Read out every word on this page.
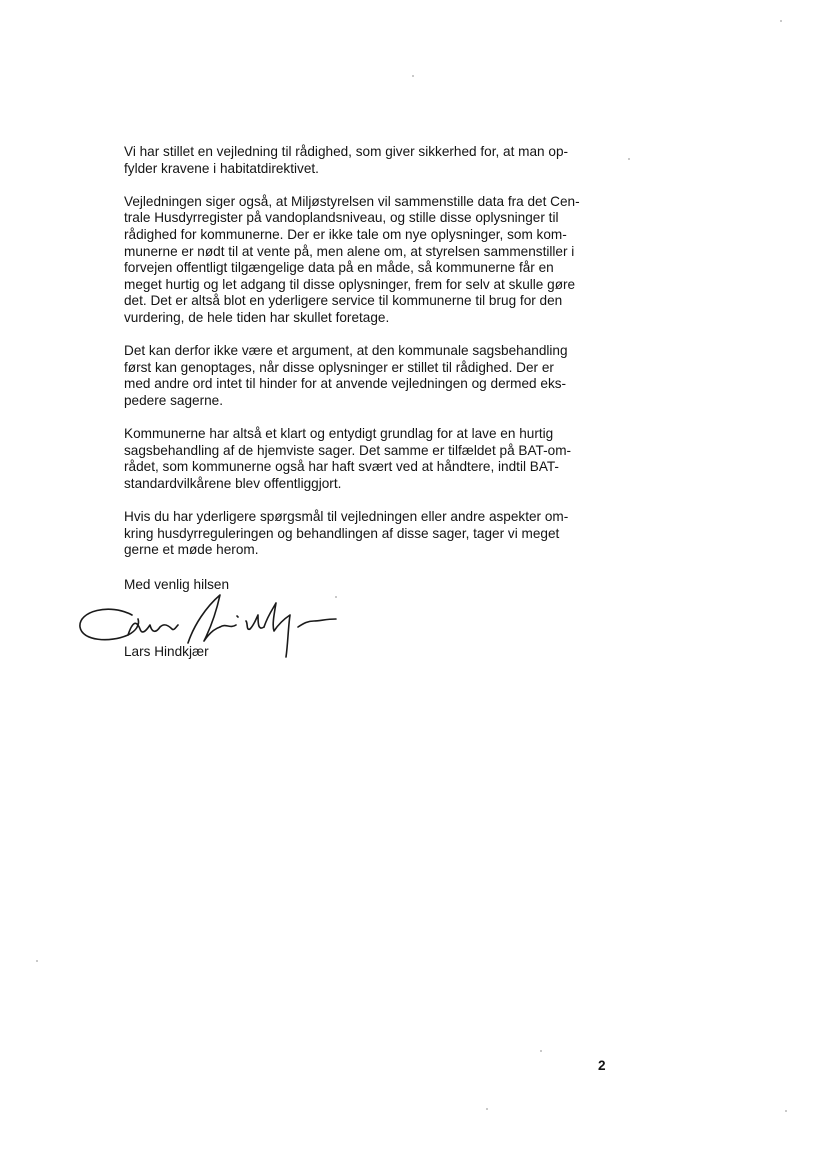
Vi har stillet en vejledning til rådighed, som giver sikkerhed for, at man op-
fylder kravene i habitatdirektivet.

Vejledningen siger også, at Miljøstyrelsen vil sammenstille data fra det Cen-
trale Husdyrregister på vandoplandsniveau, og stille disse oplysninger til
rådighed for kommunerne. Der er ikke tale om nye oplysninger, som kom-
munerne er nødt til at vente på, men alene om, at styrelsen sammenstiller i
forvejen offentligt tilgængelige data på en måde, så kommunerne får en
meget hurtig og let adgang til disse oplysninger, frem for selv at skulle gøre
det. Det er altså blot en yderligere service til kommunerne til brug for den
vurdering, de hele tiden har skullet foretage.

Det kan derfor ikke være et argument, at den kommunale sagsbehandling
først kan genoptages, når disse oplysninger er stillet til rådighed. Der er
med andre ord intet til hinder for at anvende vejledningen og dermed eks-
pedere sagerne.

Kommunerne har altså et klart og entydigt grundlag for at lave en hurtig
sagsbehandling af de hjemviste sager. Det samme er tilfældet på BAT-om-
rådet, som kommunerne også har haft svært ved at håndtere, indtil BAT-
standardvilkårene blev offentliggjort.

Hvis du har yderligere spørgsmål til vejledningen eller andre aspekter om-
kring husdyrreguleringen og behandlingen af disse sager, tager vi meget
gerne et møde herom.

Med venlig hilsen
Lars Hindkjær
2
